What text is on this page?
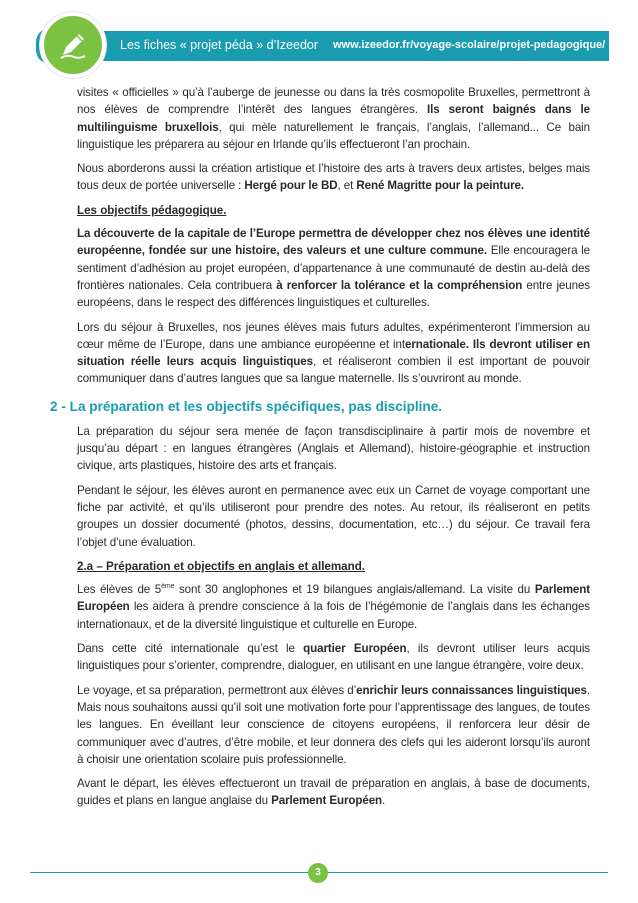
Les fiches « projet péda » d’Izeedor www.izeedor.fr/voyage-scolaire/projet-pedagogique/

visites « officielles » qu’à l’auberge de jeunesse ou dans la très cosmopolite Bruxelles, permettront à nos élèves de comprendre l’intérêt des langues étrangères. Ils seront baignés dans le multilinguisme bruxellois, qui mèle naturellement le français, l’anglais, l’allemand... Ce bain linguistique les préparera au séjour en Irlande qu’ils effectueront l’an prochain.

Nous aborderons aussi la création artistique et l’histoire des arts à travers deux artistes, belges mais tous deux de portée universelle : Hergé pour le BD, et René Magritte pour la peinture.

Les objectifs pédagogique.

La découverte de la capitale de l’Europe permettra de développer chez nos élèves une identité européenne, fondée sur une histoire, des valeurs et une culture commune. Elle encouragera le sentiment d’adhésion au projet européen, d’appartenance à une communauté de destin au-delà des frontières nationales. Cela contribuera à renforcer la tolérance et la compréhension entre jeunes européens, dans le respect des différences linguistiques et culturelles.

Lors du séjour à Bruxelles, nos jeunes élèves mais futurs adultes, expérimenteront l’immersion au cœur même de l’Europe, dans une ambiance européenne et internationale. Ils devront utiliser en situation réelle leurs acquis linguistiques, et réaliseront combien il est important de pouvoir communiquer dans d’autres langues que sa langue maternelle. Ils s’ouvriront au monde.

2 - La préparation et les objectifs spécifiques, pas discipline.

La préparation du séjour sera menée de façon transdisciplinaire à partir mois de novembre et jusqu’au départ : en langues étrangères (Anglais et Allemand), histoire-géographie et instruction civique, arts plastiques, histoire des arts et français.

Pendant le séjour, les élèves auront en permanence avec eux un Carnet de voyage comportant une fiche par activité, et qu’ils utiliseront pour prendre des notes. Au retour, ils réaliseront en petits groupes un dossier documenté (photos, dessins, documentation, etc…) du séjour. Ce travail fera l’objet d’une évaluation.

2.a – Préparation et objectifs en anglais et allemand.

Les élèves de 5ème sont 30 anglophones et 19 bilangues anglais/allemand. La visite du Parlement Européen les aidera à prendre conscience à la fois de l’hégémonie de l’anglais dans les échanges internationaux, et de la diversité linguistique et culturelle en Europe.

Dans cette cité internationale qu’est le quartier Européen, ils devront utiliser leurs acquis linguistiques pour s’orienter, comprendre, dialoguer, en utilisant en une langue étrangère, voire deux.

Le voyage, et sa préparation, permettront aux élèves d’enrichir leurs connaissances linguistiques. Mais nous souhaitons aussi qu’il soit une motivation forte pour l’apprentissage des langues, de toutes les langues. En éveillant leur conscience de citoyens européens, il renforcera leur désir de communiquer avec d’autres, d’être mobile, et leur donnera des clefs qui les aideront lorsqu’ils auront à choisir une orientation scolaire puis professionnelle.

Avant le départ, les élèves effectueront un travail de préparation en anglais, à base de documents, guides et plans en langue anglaise du Parlement Européen.

3
